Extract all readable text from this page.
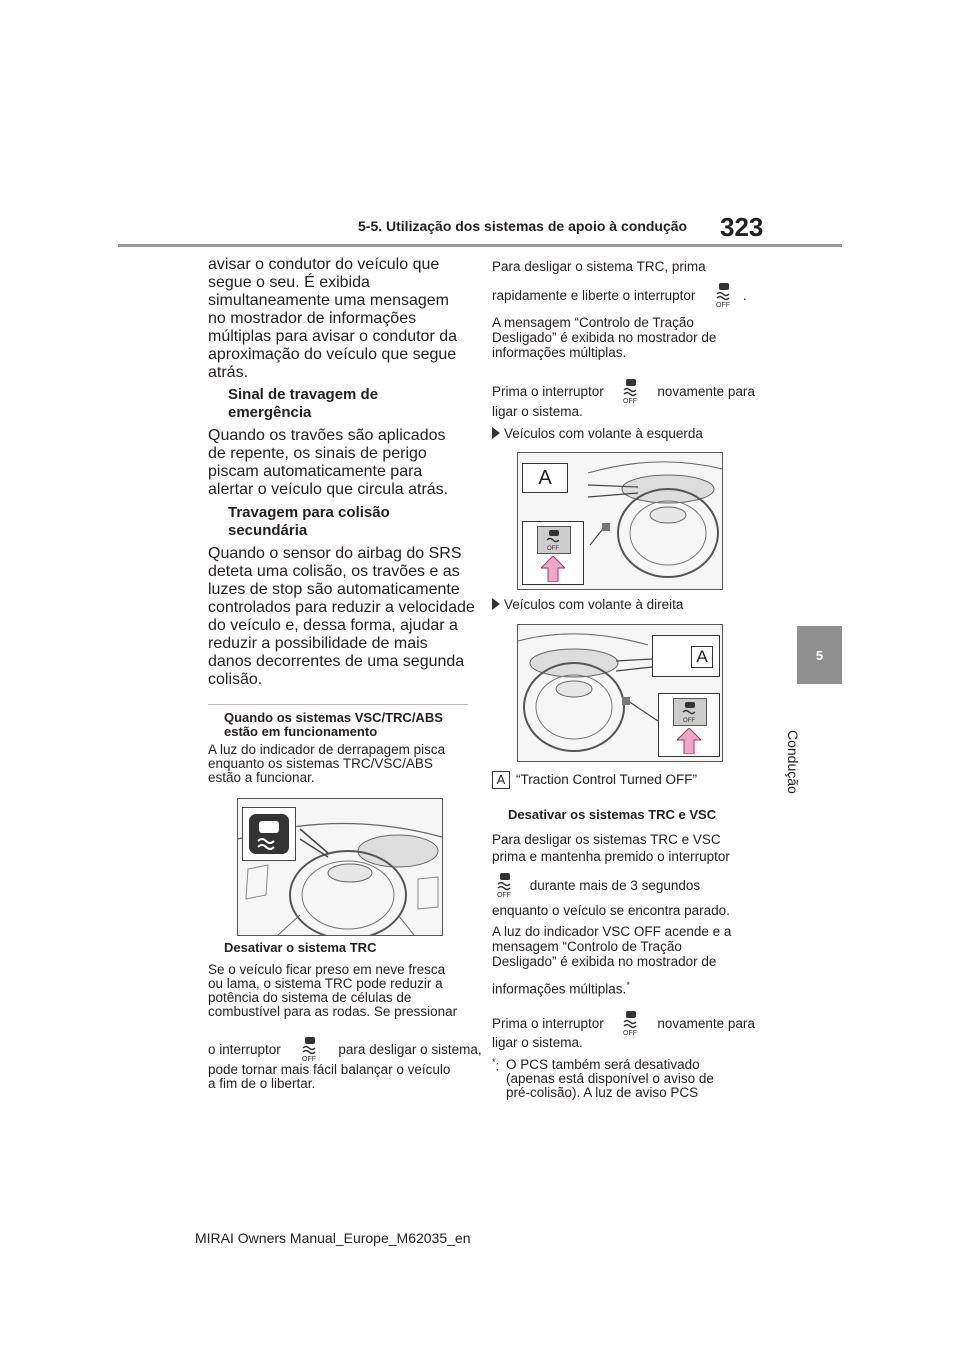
5-5. Utilização dos sistemas de apoio à condução 323
5
Condução
avisar o condutor do veículo que
segue o seu. É exibida
simultaneamente uma mensagem
no mostrador de informações
múltiplas para avisar o condutor da
aproximação do veículo que segue
atrás.
Sinal de travagem de
emergência
Quando os travões são aplicados
de repente, os sinais de perigo
piscam automaticamente para
alertar o veículo que circula atrás.
Travagem para colisão
secundária
Quando o sensor do airbag do SRS
deteta uma colisão, os travões e as
luzes de stop são automaticamente
controlados para reduzir a velocidade
do veículo e, dessa forma, ajudar a
reduzir a possibilidade de mais
danos decorrentes de uma segunda
colisão.
Quando os sistemas VSC/TRC/ABS
estão em funcionamento
A luz do indicador de derrapagem pisca
enquanto os sistemas TRC/VSC/ABS
estão a funcionar.
Desativar o sistema TRC
Se o veículo ficar preso em neve fresca
ou lama, o sistema TRC pode reduzir a
potência do sistema de células de
combustível para as rodas. Se pressionar
o interruptor
OFF
para desligar o sistema,
pode tornar mais fácil balançar o veículo
a fim de o libertar.
Para desligar o sistema TRC, prima
rapidamente e liberte o interruptor
OFF
.
A mensagem “Controlo de Tração
Desligado” é exibida no mostrador de
informações múltiplas.
Prima o interruptor
OFF
novamente para
ligar o sistema.
Veículos com volante à esquerda
A
OFF
Veículos com volante à direita
A
OFF
A “Traction Control Turned OFF”
Desativar os sistemas TRC e VSC
Para desligar os sistemas TRC e VSC
prima e mantenha premido o interruptor
OFF
durante mais de 3 segundos
enquanto o veículo se encontra parado.
A luz do indicador VSC OFF acende e a
mensagem “Controlo de Tração
Desligado” é exibida no mostrador de
informações múltiplas.*
Prima o interruptor
OFF
novamente para
ligar o sistema.
*: O PCS também será desativado
(apenas está disponível o aviso de
pré-colisão). A luz de aviso PCS
MIRAI Owners Manual_Europe_M62035_en
